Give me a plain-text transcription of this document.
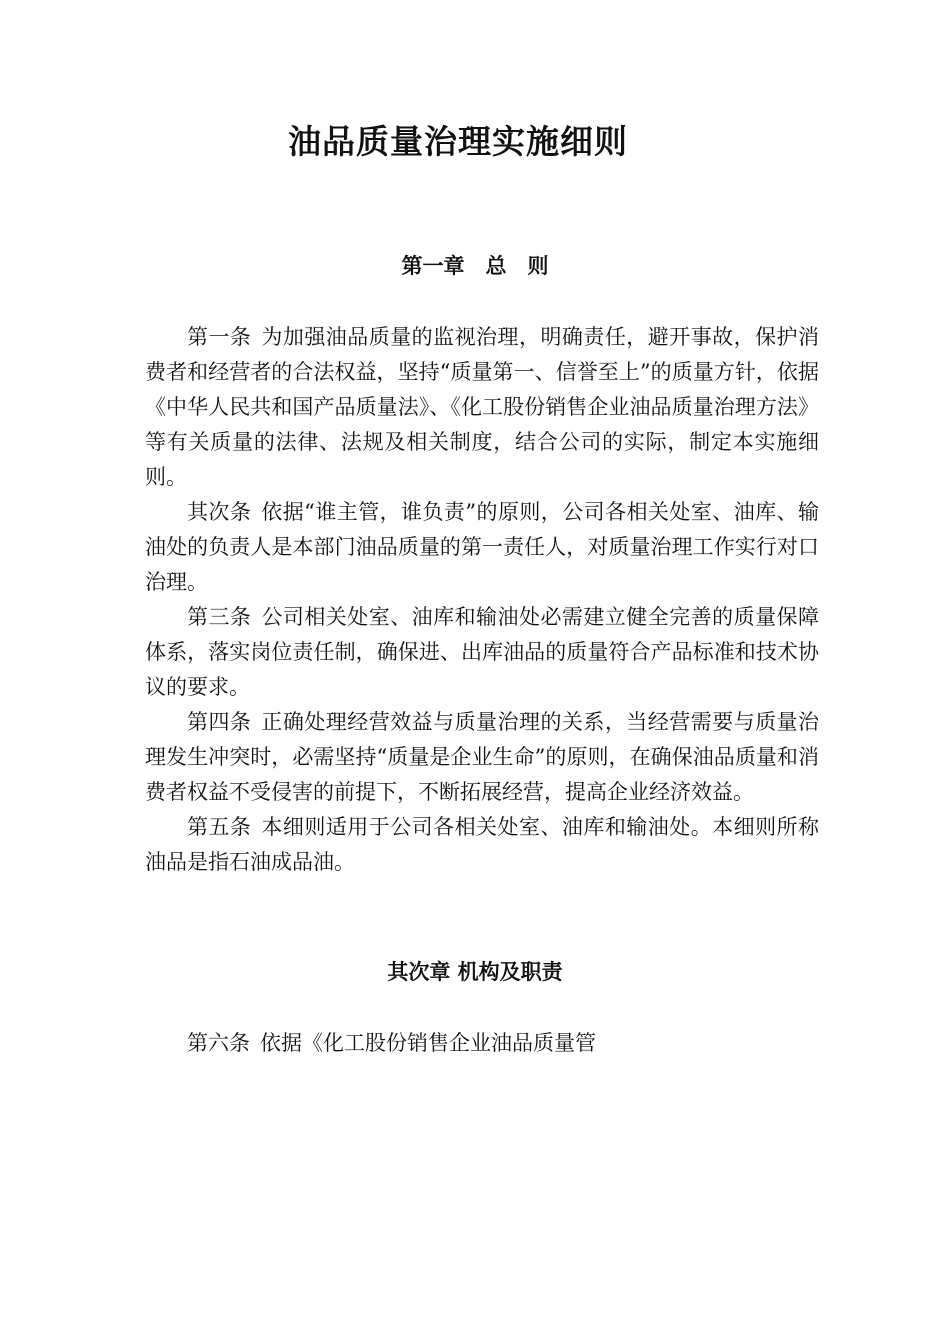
油品质量治理实施细则
第一章　总　则

第一条 为加强油品质量的监视治理，明确责任，避开事故，保护消费者和经营者的合法权益，坚持“质量第一、信誉至上”的质量方针，依据《中华人民共和国产品质量法》、《化工股份销售企业油品质量治理方法》等有关质量的法律、法规及相关制度，结合公司的实际，制定本实施细则。

其次条 依据“谁主管，谁负责”的原则，公司各相关处室、油库、输油处的负责人是本部门油品质量的第一责任人，对质量治理工作实行对口治理。

第三条 公司相关处室、油库和输油处必需建立健全完善的质量保障体系，落实岗位责任制，确保进、出库油品的质量符合产品标准和技术协议的要求。

第四条 正确处理经营效益与质量治理的关系，当经营需要与质量治理发生冲突时，必需坚持“质量是企业生命”的原则，在确保油品质量和消费者权益不受侵害的前提下，不断拓展经营，提高企业经济效益。

第五条 本细则适用于公司各相关处室、油库和输油处。本细则所称油品是指石油成品油。

其次章 机构及职责

第六条 依据《化工股份销售企业油品质量管
